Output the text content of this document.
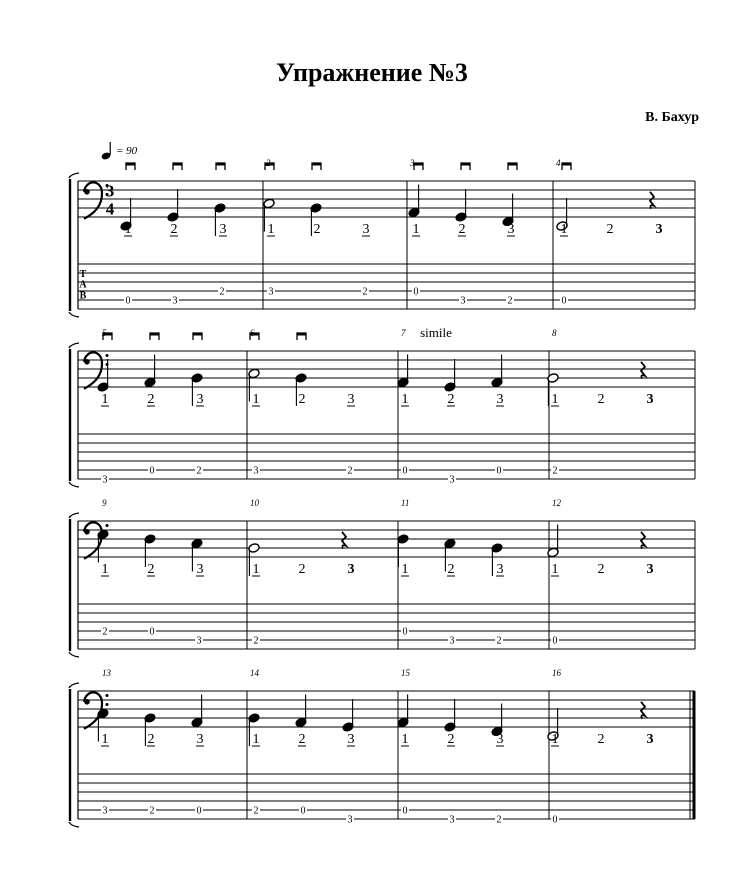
Упражнение №3
В. Бахур
= 90
3
4
T
A
B
1	2	3
0	3
2
1	2	3
3	2
3
1	2	3
0
3	2
4
1	2	3
0
1	2	3
3
0	2
1	2	3
3	2
7 simile
1	2	3
0
3
0
8
1	2	3
2
9
1	2	3
2	0
3
10
1	2	3
2
11
1	2	3
0
3	2
12
1	2	3
0
13
1	2	3
3	2	0
14
1	2	3
2	0
3
15
1	2	3
0
3	2
16
1	2	3
0
